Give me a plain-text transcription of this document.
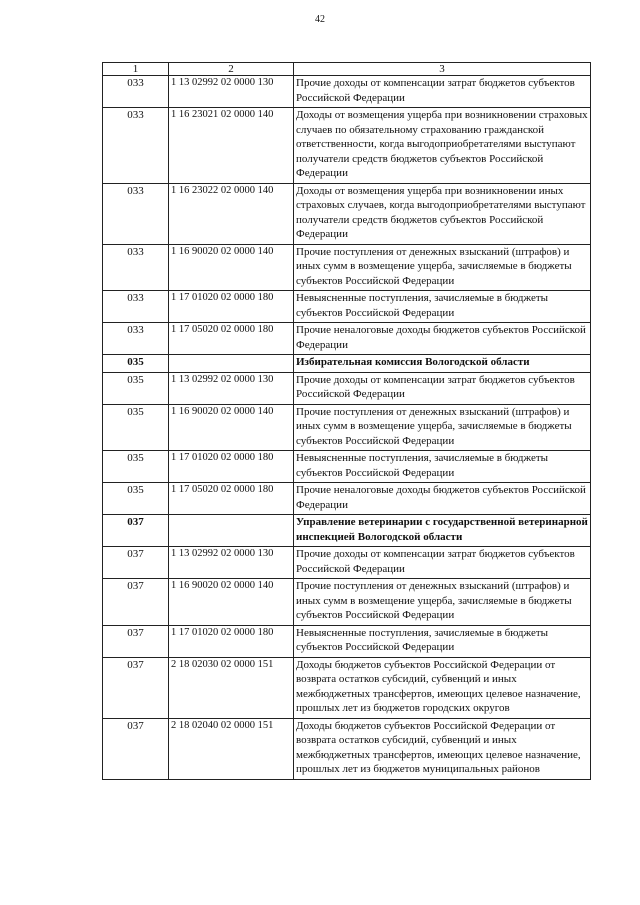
42
1	2	3
033	1 13 02992 02 0000 130	Прочие доходы от компенсации затрат бюджетов субъектов Российской Федерации
033	1 16 23021 02 0000 140	Доходы от возмещения ущерба при возникновении страховых случаев по обязательному страхованию гражданской ответственности, когда выгодоприобретателями выступают получатели средств бюджетов субъектов Российской Федерации
033	1 16 23022 02 0000 140	Доходы от возмещения ущерба при возникновении иных страховых случаев, когда выгодоприобретателями выступают получатели средств бюджетов субъектов Российской Федерации
033	1 16 90020 02 0000 140	Прочие поступления от денежных взысканий (штрафов) и иных сумм в возмещение ущерба, зачисляемые в бюджеты субъектов Российской Федерации
033	1 17 01020 02 0000 180	Невыясненные поступления, зачисляемые в бюджеты субъектов Российской Федерации
033	1 17 05020 02 0000 180	Прочие неналоговые доходы бюджетов субъектов Российской Федерации
035		Избирательная комиссия Вологодской области
035	1 13 02992 02 0000 130	Прочие доходы от компенсации затрат бюджетов субъектов Российской Федерации
035	1 16 90020 02 0000 140	Прочие поступления от денежных взысканий (штрафов) и иных сумм в возмещение ущерба, зачисляемые в бюджеты субъектов Российской Федерации
035	1 17 01020 02 0000 180	Невыясненные поступления, зачисляемые в бюджеты субъектов Российской Федерации
035	1 17 05020 02 0000 180	Прочие неналоговые доходы бюджетов субъектов Российской Федерации
037		Управление ветеринарии с государственной ветеринарной инспекцией Вологодской области
037	1 13 02992 02 0000 130	Прочие доходы от компенсации затрат бюджетов субъектов Российской Федерации
037	1 16 90020 02 0000 140	Прочие поступления от денежных взысканий (штрафов) и иных сумм в возмещение ущерба, зачисляемые в бюджеты субъектов Российской Федерации
037	1 17 01020 02 0000 180	Невыясненные поступления, зачисляемые в бюджеты субъектов Российской Федерации
037	2 18 02030 02 0000 151	Доходы бюджетов субъектов Российской Федерации от возврата остатков субсидий, субвенций и иных межбюджетных трансфертов, имеющих целевое назначение, прошлых лет из бюджетов городских округов
037	2 18 02040 02 0000 151	Доходы бюджетов субъектов Российской Федерации от возврата остатков субсидий, субвенций и иных межбюджетных трансфертов, имеющих целевое назначение, прошлых лет из бюджетов муниципальных районов
